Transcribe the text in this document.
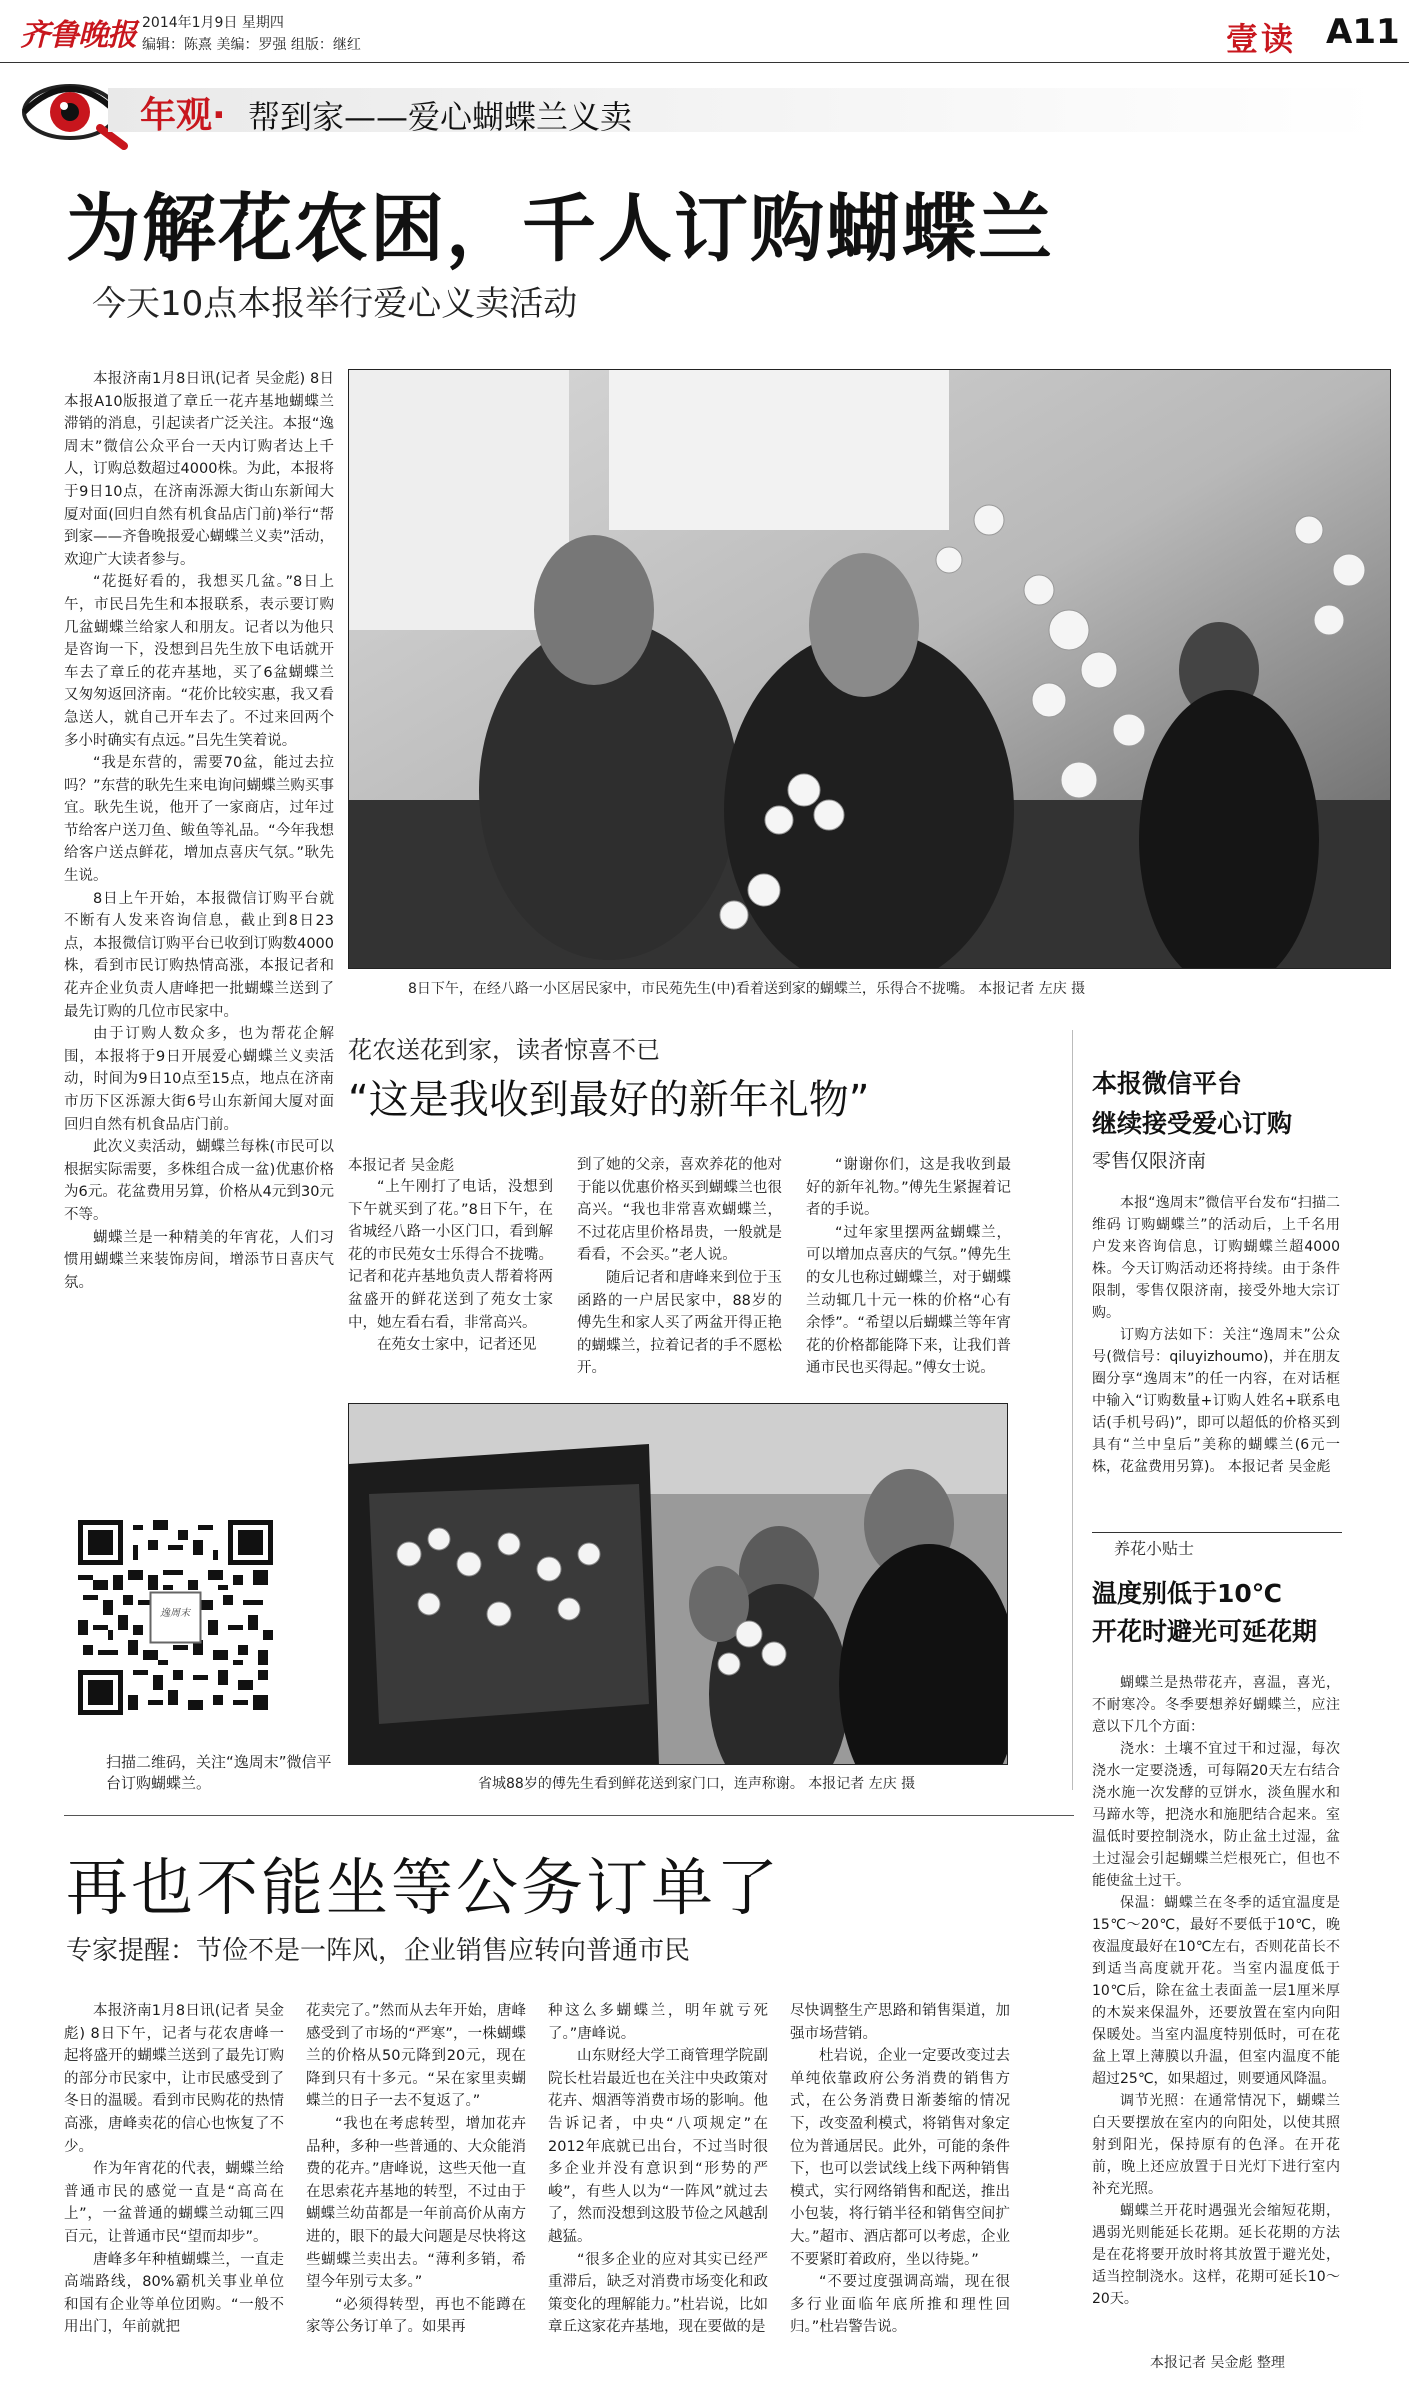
齐鲁晚报 2014年1月9日 星期四
编辑：陈熹 美编：罗强 组版：继红	壹读 A11
年观· 帮到家——爱心蝴蝶兰义卖
为解花农困，千人订购蝴蝶兰
今天10点本报举行爱心义卖活动

本报济南1月8日讯(记者 吴金彪) 8日本报A10版报道了章丘一花卉基地蝴蝶兰滞销的消息，引起读者广泛关注。本报“逸周末”微信公众平台一天内订购者达上千人，订购总数超过4000株。为此，本报将于9日10点，在济南泺源大街山东新闻大厦对面(回归自然有机食品店门前)举行“帮到家——齐鲁晚报爱心蝴蝶兰义卖”活动，欢迎广大读者参与。

“花挺好看的，我想买几盆。”8日上午，市民吕先生和本报联系，表示要订购几盆蝴蝶兰给家人和朋友。记者以为他只是咨询一下，没想到吕先生放下电话就开车去了章丘的花卉基地，买了6盆蝴蝶兰又匆匆返回济南。“花价比较实惠，我又看急送人，就自己开车去了。不过来回两个多小时确实有点远。”吕先生笑着说。

“我是东营的，需要70盆，能过去拉吗？”东营的耿先生来电询问蝴蝶兰购买事宜。耿先生说，他开了一家商店，过年过节给客户送刀鱼、鲅鱼等礼品。“今年我想给客户送点鲜花，增加点喜庆气氛。”耿先生说。

8日上午开始，本报微信订购平台就不断有人发来咨询信息，截止到8日23点，本报微信订购平台已收到订购数4000株，看到市民订购热情高涨，本报记者和花卉企业负责人唐峰把一批蝴蝶兰送到了最先订购的几位市民家中。

由于订购人数众多，也为帮花企解围，本报将于9日开展爱心蝴蝶兰义卖活动，时间为9日10点至15点，地点在济南市历下区泺源大街6号山东新闻大厦对面回归自然有机食品店门前。

此次义卖活动，蝴蝶兰每株(市民可以根据实际需要，多株组合成一盆)优惠价格为6元。花盆费用另算，价格从4元到30元不等。

蝴蝶兰是一种精美的年宵花，人们习惯用蝴蝶兰来装饰房间，增添节日喜庆气氛。

逸周末
扫描二维码，关注“逸周末”微信平台订购蝴蝶兰。
8日下午，在经八路一小区居民家中，市民苑先生(中)看着送到家的蝴蝶兰，乐得合不拢嘴。 本报记者 左庆 摄
花农送花到家，读者惊喜不已
“这是我收到最好的新年礼物”
本报记者 吴金彪

“上午刚打了电话，没想到下午就买到了花。”8日下午，在省城经八路一小区门口，看到解花的市民苑女士乐得合不拢嘴。记者和花卉基地负责人帮着将两盆盛开的鲜花送到了苑女士家中，她左看右看，非常高兴。

在苑女士家中，记者还见

到了她的父亲，喜欢养花的他对于能以优惠价格买到蝴蝶兰也很高兴。“我也非常喜欢蝴蝶兰，不过花店里价格昂贵，一般就是看看，不会买。”老人说。

随后记者和唐峰来到位于玉函路的一户居民家中，88岁的傅先生和家人买了两盆开得正艳的蝴蝶兰，拉着记者的手不愿松开。

“谢谢你们，这是我收到最好的新年礼物。”傅先生紧握着记者的手说。

“过年家里摆两盆蝴蝶兰，可以增加点喜庆的气氛。”傅先生的女儿也称过蝴蝶兰，对于蝴蝶兰动辄几十元一株的价格“心有余悸”。“希望以后蝴蝶兰等年宵花的价格都能降下来，让我们普通市民也买得起。”傅女士说。

省城88岁的傅先生看到鲜花送到家门口，连声称谢。 本报记者 左庆 摄
本报微信平台
继续接受爱心订购
零售仅限济南

本报“逸周末”微信平台发布“扫描二维码 订购蝴蝶兰”的活动后，上千名用户发来咨询信息，订购蝴蝶兰超4000株。今天订购活动还将持续。由于条件限制，零售仅限济南，接受外地大宗订购。

订购方法如下：关注“逸周末”公众号(微信号：qiluyizhoumo)，并在朋友圈分享“逸周末”的任一内容，在对话框中输入“订购数量+订购人姓名+联系电话(手机号码)”，即可以超低的价格买到具有“兰中皇后”美称的蝴蝶兰(6元一株，花盆费用另算)。 本报记者 吴金彪

养花小贴士
温度别低于10℃
开花时避光可延花期

蝴蝶兰是热带花卉，喜温，喜光，不耐寒冷。冬季要想养好蝴蝶兰，应注意以下几个方面：

浇水：土壤不宜过干和过湿，每次浇水一定要浇透，可每隔20天左右结合浇水施一次发酵的豆饼水，淡鱼腥水和马蹄水等，把浇水和施肥结合起来。室温低时要控制浇水，防止盆土过湿，盆土过湿会引起蝴蝶兰烂根死亡，但也不能使盆土过干。

保温：蝴蝶兰在冬季的适宜温度是15℃～20℃，最好不要低于10℃，晚夜温度最好在10℃左右，否则花苗长不到适当高度就开花。当室内温度低于10℃后，除在盆土表面盖一层1厘米厚的木炭来保温外，还要放置在室内向阳保暖处。当室内温度特别低时，可在花盆上罩上薄膜以升温，但室内温度不能超过25℃，如果超过，则要通风降温。

调节光照：在通常情况下，蝴蝶兰白天要摆放在室内的向阳处，以使其照射到阳光，保持原有的色泽。在开花前，晚上还应放置于日光灯下进行室内补充光照。

蝴蝶兰开花时遇强光会缩短花期，遇弱光则能延长花期。延长花期的方法是在花将要开放时将其放置于避光处，适当控制浇水。这样，花期可延长10～20天。

本报记者 吴金彪 整理
再也不能坐等公务订单了
专家提醒：节俭不是一阵风，企业销售应转向普通市民

本报济南1月8日讯(记者 吴金彪) 8日下午，记者与花农唐峰一起将盛开的蝴蝶兰送到了最先订购的部分市民家中，让市民感受到了冬日的温暖。看到市民购花的热情高涨，唐峰卖花的信心也恢复了不少。

作为年宵花的代表，蝴蝶兰给普通市民的感觉一直是“高高在上”，一盆普通的蝴蝶兰动辄三四百元，让普通市民“望而却步”。

唐峰多年种植蝴蝶兰，一直走高端路线，80%霸机关事业单位和国有企业等单位团购。“一般不用出门，年前就把

花卖完了。”然而从去年开始，唐峰感受到了市场的“严寒”，一株蝴蝶兰的价格从50元降到20元，现在降到只有十多元。“呆在家里卖蝴蝶兰的日子一去不复返了。”

“我也在考虑转型，增加花卉品种，多种一些普通的、大众能消费的花卉。”唐峰说，这些天他一直在思索花卉基地的转型，不过由于蝴蝶兰幼苗都是一年前高价从南方进的，眼下的最大问题是尽快将这些蝴蝶兰卖出去。“薄利多销，希望今年别亏太多。”

“必须得转型，再也不能蹲在家等公务订单了。如果再

种这么多蝴蝶兰，明年就亏死了。”唐峰说。

山东财经大学工商管理学院副院长杜岩最近也在关注中央政策对花卉、烟酒等消费市场的影响。他告诉记者，中央“八项规定”在2012年底就已出台，不过当时很多企业并没有意识到“形势的严峻”，有些人以为“一阵风”就过去了，然而没想到这股节俭之风越刮越猛。

“很多企业的应对其实已经严重滞后，缺乏对消费市场变化和政策变化的理解能力。”杜岩说，比如章丘这家花卉基地，现在要做的是

尽快调整生产思路和销售渠道，加强市场营销。

杜岩说，企业一定要改变过去单纯依靠政府公务消费的销售方式，在公务消费日渐萎缩的情况下，改变盈利模式，将销售对象定位为普通居民。此外，可能的条件下，也可以尝试线上线下两种销售模式，实行网络销售和配送，推出小包装，将行销半径和销售空间扩大。”超市、酒店都可以考虑，企业不要紧盯着政府，坐以待毙。”

“不要过度强调高端，现在很多行业面临年底所推和理性回归。”杜岩警告说。
